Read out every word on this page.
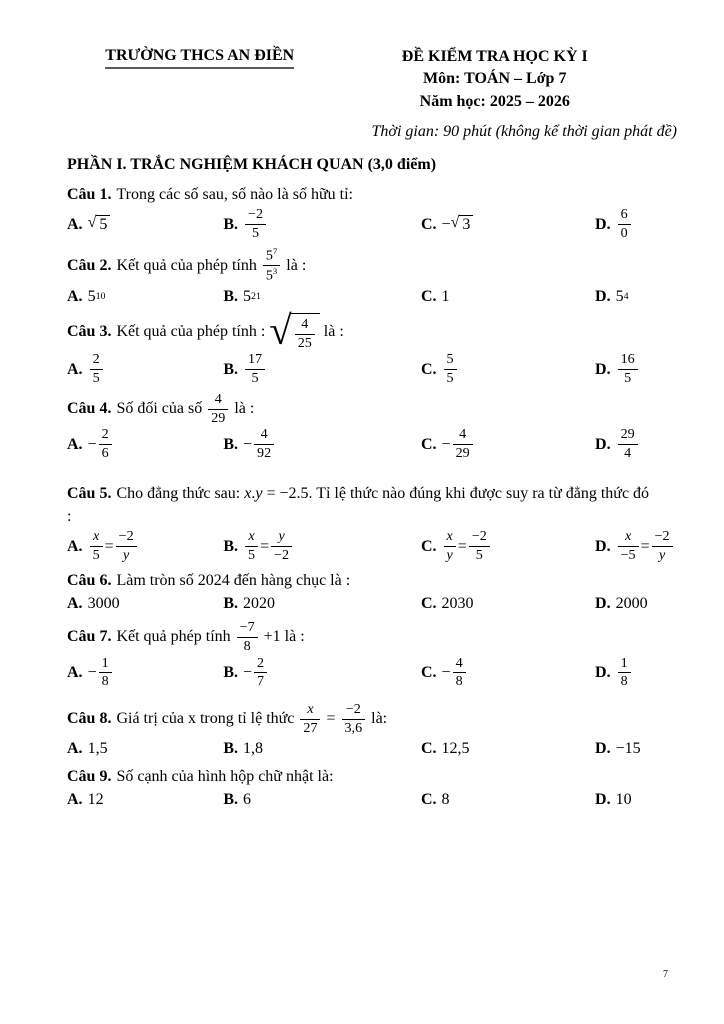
TRƯỜNG THCS AN ĐIỀN	ĐỀ KIỂM TRA HỌC KỲ I
Môn: TOÁN – Lớp 7
Năm học: 2025 – 2026
Thời gian: 90 phút (không kể thời gian phát đề)
PHẦN I. TRẮC NGHIỆM KHÁCH QUAN (3,0 điểm)
Câu 1. Trong các số sau, số nào là số hữu tỉ:
A. √ 5	B. $\frac{-2}{5}$	C. − √ 3	D. $\frac{6}{0}$
Câu 2. Kết quả của phép tính $\frac{5^7}{5^3}$ là :
A. 5 10	B. 5 21	C. 1	D. 5 4
Câu 3. Kết quả của phép tính : √ $\frac{4}{25}$ là :
A. $\frac{2}{5}$	B. $\frac{17}{5}$	C. $\frac{5}{5}$	D. $\frac{16}{5}$
Câu 4. Số đối của số $\frac{4}{29}$ là :
A. − $\frac{2}{6}$	B. − $\frac{4}{92}$	C. − $\frac{4}{29}$	D. $\frac{29}{4}$
Câu 5. Cho đẳng thức sau: x.y = −2.5. Tỉ lệ thức nào đúng khi được suy ra từ đẳng thức đó :
A. $\frac{x}{5} = \frac{-2}{y}$	B. $\frac{x}{5} = \frac{y}{-2}$	C. $\frac{x}{y} = \frac{-2}{5}$	D. $\frac{x}{-5} = \frac{-2}{y}$
Câu 6. Làm tròn số 2024 đến hàng chục là :
A. 3000	B. 2020	C. 2030	D. 2000
Câu 7. Kết quả phép tính $\frac{-7}{8} +1$ là :
A. − $\frac{1}{8}$	B. − $\frac{2}{7}$	C. − $\frac{4}{8}$	D. $\frac{1}{8}$
Câu 8. Giá trị của x trong tỉ lệ thức $\frac{x}{27} = \frac{-2}{3,6}$ là:
A. 1,5	B. 1,8	C. 12,5	D. −15
Câu 9. Số cạnh của hình hộp chữ nhật là:
A. 12	B. 6	C. 8	D. 10
7
